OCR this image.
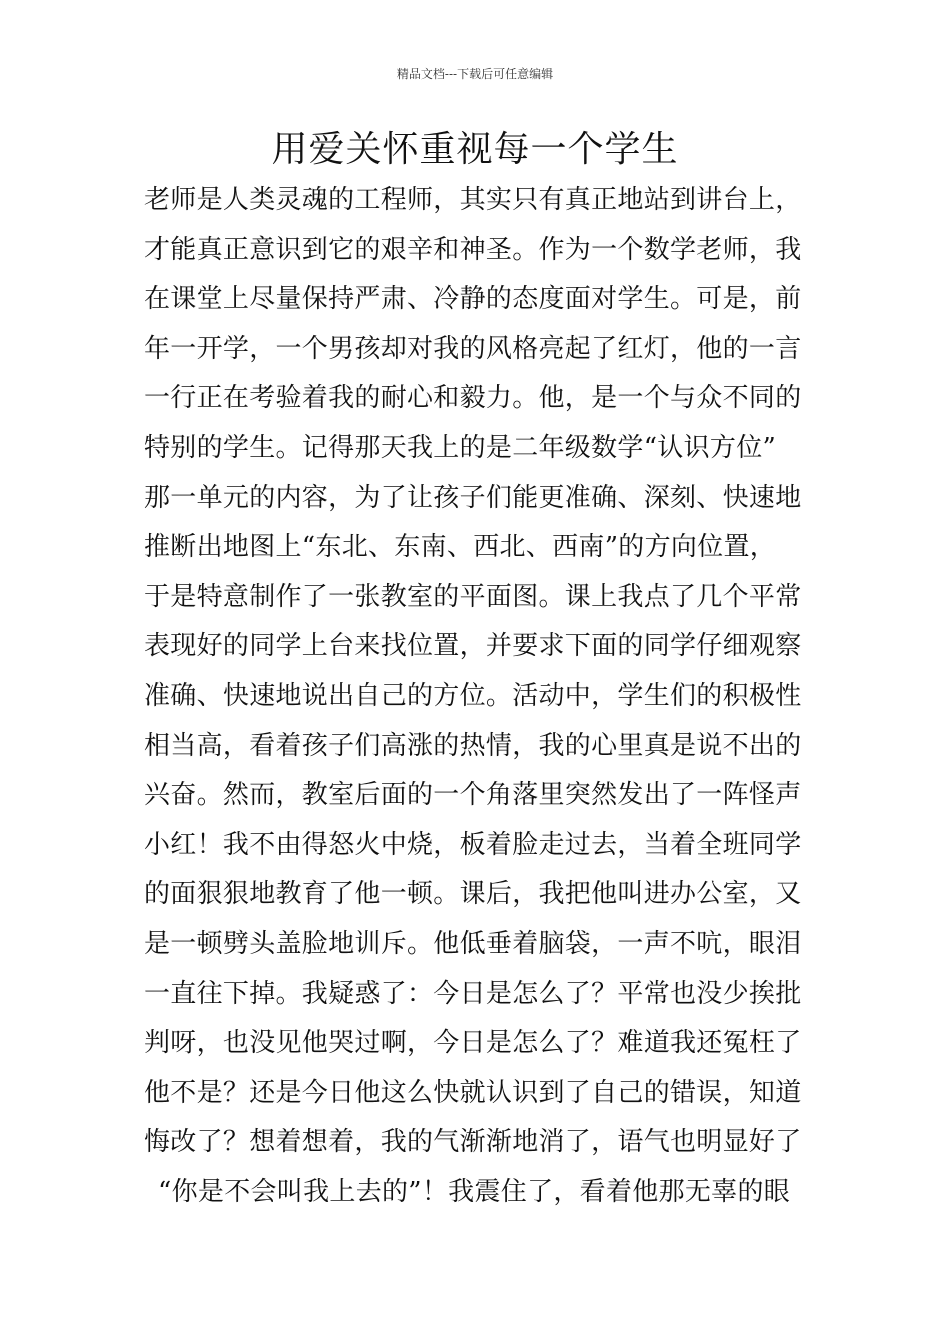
精品文档---下载后可任意编辑
用爱关怀重视每一个学生
老师是人类灵魂的工程师，其实只有真正地站到讲台上，
才能真正意识到它的艰辛和神圣。作为一个数学老师，我
在课堂上尽量保持严肃、冷静的态度面对学生。可是，前
年一开学，一个男孩却对我的风格亮起了红灯，他的一言
一行正在考验着我的耐心和毅力。他，是一个与众不同的
特别的学生。记得那天我上的是二年级数学“认识方位”
那一单元的内容，为了让孩子们能更准确、深刻、快速地
推断出地图上“东北、东南、西北、西南”的方向位置，
于是特意制作了一张教室的平面图。课上我点了几个平常
表现好的同学上台来找位置，并要求下面的同学仔细观察
准确、快速地说出自己的方位。活动中，学生们的积极性
相当高，看着孩子们高涨的热情，我的心里真是说不出的
兴奋。然而，教室后面的一个角落里突然发出了一阵怪声
小红！我不由得怒火中烧，板着脸走过去，当着全班同学
的面狠狠地教育了他一顿。课后，我把他叫进办公室，又
是一顿劈头盖脸地训斥。他低垂着脑袋，一声不吭，眼泪
一直往下掉。我疑惑了：今日是怎么了？平常也没少挨批
判呀，也没见他哭过啊，今日是怎么了？难道我还冤枉了
他不是？还是今日他这么快就认识到了自己的错误，知道
悔改了？想着想着，我的气渐渐地消了，语气也明显好了
“你是不会叫我上去的”！我震住了，看着他那无辜的眼
